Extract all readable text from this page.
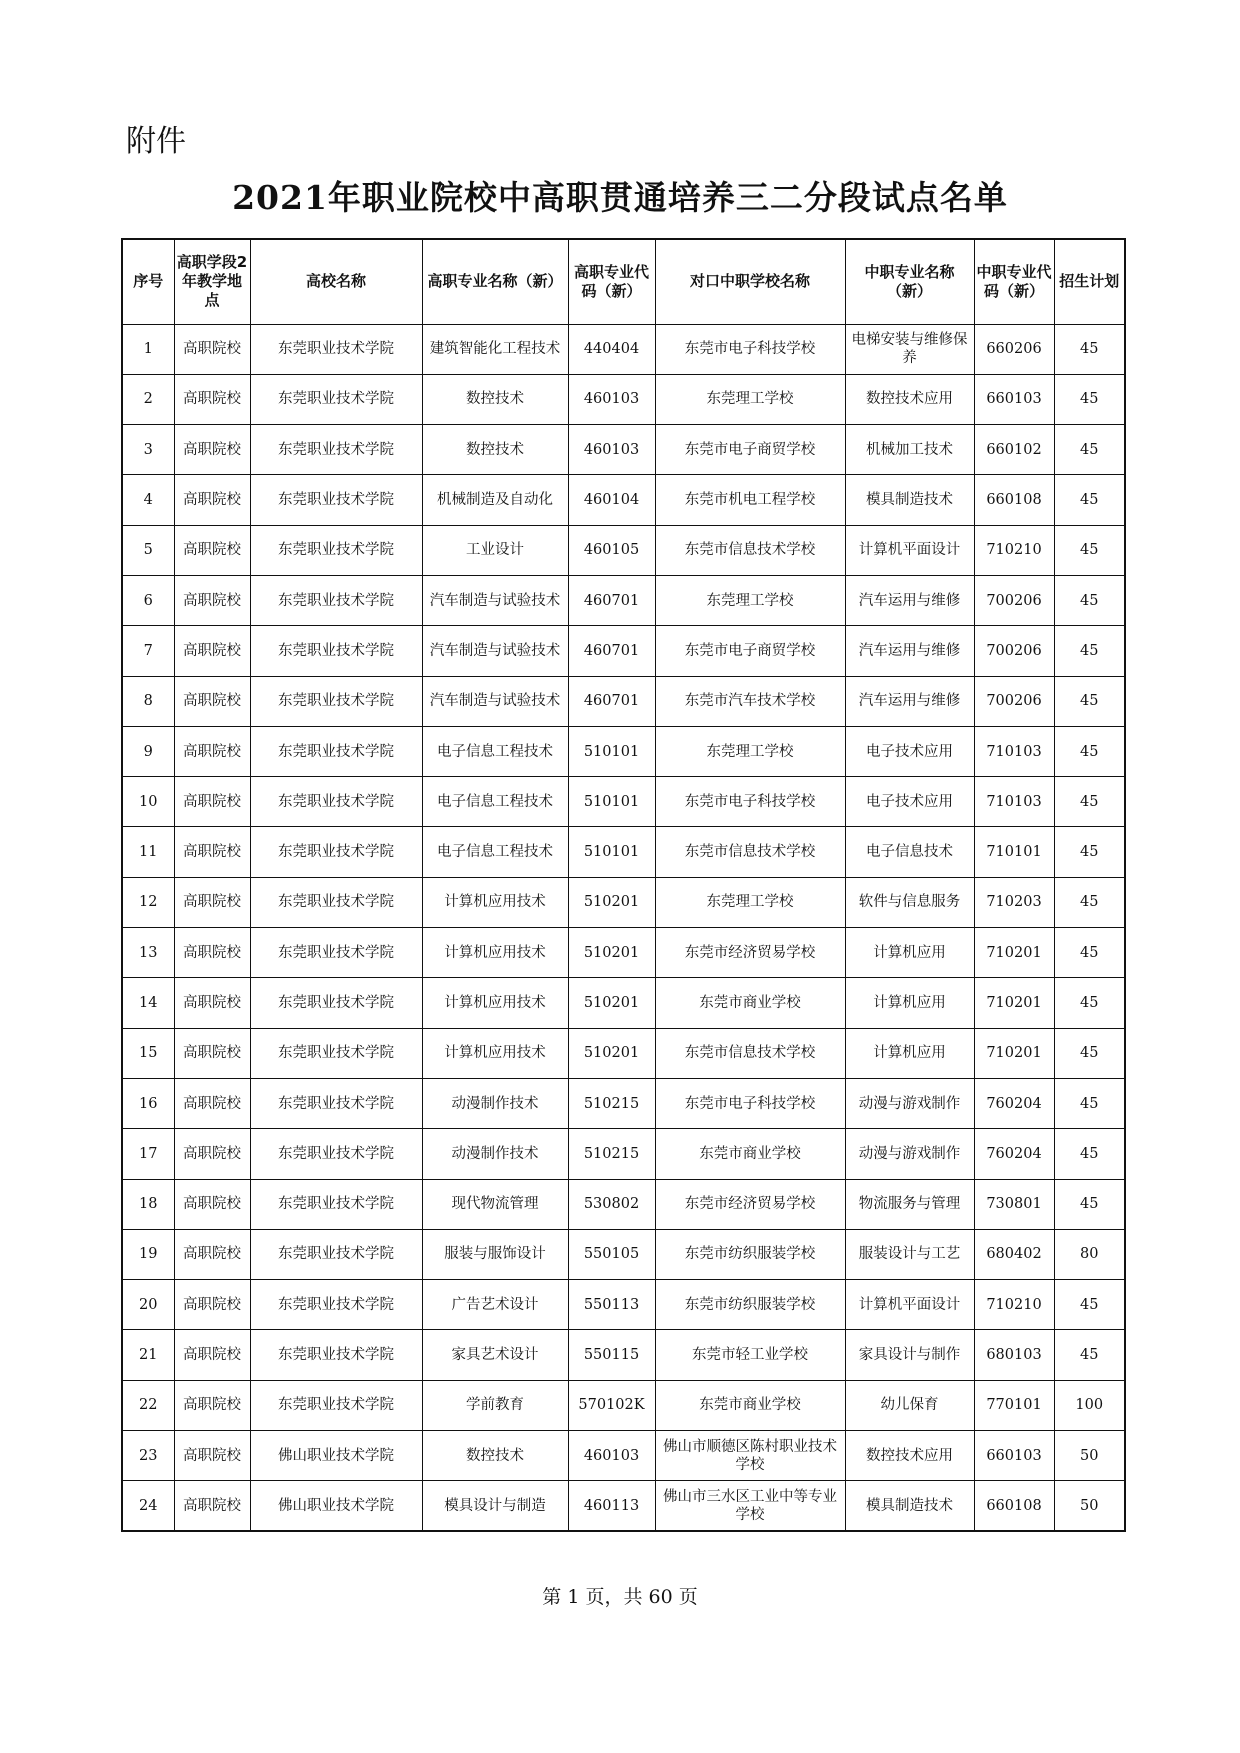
附件
2021年职业院校中高职贯通培养三二分段试点名单
序号	高职学段2年教学地点	高校名称	高职专业名称（新）	高职专业代码（新）	对口中职学校名称	中职专业名称（新）	中职专业代码（新）	招生计划
1	高职院校	东莞职业技术学院	建筑智能化工程技术	440404	东莞市电子科技学校	电梯安装与维修保养	660206	45
2	高职院校	东莞职业技术学院	数控技术	460103	东莞理工学校	数控技术应用	660103	45
3	高职院校	东莞职业技术学院	数控技术	460103	东莞市电子商贸学校	机械加工技术	660102	45
4	高职院校	东莞职业技术学院	机械制造及自动化	460104	东莞市机电工程学校	模具制造技术	660108	45
5	高职院校	东莞职业技术学院	工业设计	460105	东莞市信息技术学校	计算机平面设计	710210	45
6	高职院校	东莞职业技术学院	汽车制造与试验技术	460701	东莞理工学校	汽车运用与维修	700206	45
7	高职院校	东莞职业技术学院	汽车制造与试验技术	460701	东莞市电子商贸学校	汽车运用与维修	700206	45
8	高职院校	东莞职业技术学院	汽车制造与试验技术	460701	东莞市汽车技术学校	汽车运用与维修	700206	45
9	高职院校	东莞职业技术学院	电子信息工程技术	510101	东莞理工学校	电子技术应用	710103	45
10	高职院校	东莞职业技术学院	电子信息工程技术	510101	东莞市电子科技学校	电子技术应用	710103	45
11	高职院校	东莞职业技术学院	电子信息工程技术	510101	东莞市信息技术学校	电子信息技术	710101	45
12	高职院校	东莞职业技术学院	计算机应用技术	510201	东莞理工学校	软件与信息服务	710203	45
13	高职院校	东莞职业技术学院	计算机应用技术	510201	东莞市经济贸易学校	计算机应用	710201	45
14	高职院校	东莞职业技术学院	计算机应用技术	510201	东莞市商业学校	计算机应用	710201	45
15	高职院校	东莞职业技术学院	计算机应用技术	510201	东莞市信息技术学校	计算机应用	710201	45
16	高职院校	东莞职业技术学院	动漫制作技术	510215	东莞市电子科技学校	动漫与游戏制作	760204	45
17	高职院校	东莞职业技术学院	动漫制作技术	510215	东莞市商业学校	动漫与游戏制作	760204	45
18	高职院校	东莞职业技术学院	现代物流管理	530802	东莞市经济贸易学校	物流服务与管理	730801	45
19	高职院校	东莞职业技术学院	服装与服饰设计	550105	东莞市纺织服装学校	服装设计与工艺	680402	80
20	高职院校	东莞职业技术学院	广告艺术设计	550113	东莞市纺织服装学校	计算机平面设计	710210	45
21	高职院校	东莞职业技术学院	家具艺术设计	550115	东莞市轻工业学校	家具设计与制作	680103	45
22	高职院校	东莞职业技术学院	学前教育	570102K	东莞市商业学校	幼儿保育	770101	100
23	高职院校	佛山职业技术学院	数控技术	460103	佛山市顺德区陈村职业技术学校	数控技术应用	660103	50
24	高职院校	佛山职业技术学院	模具设计与制造	460113	佛山市三水区工业中等专业学校	模具制造技术	660108	50
第 1 页，共 60 页
